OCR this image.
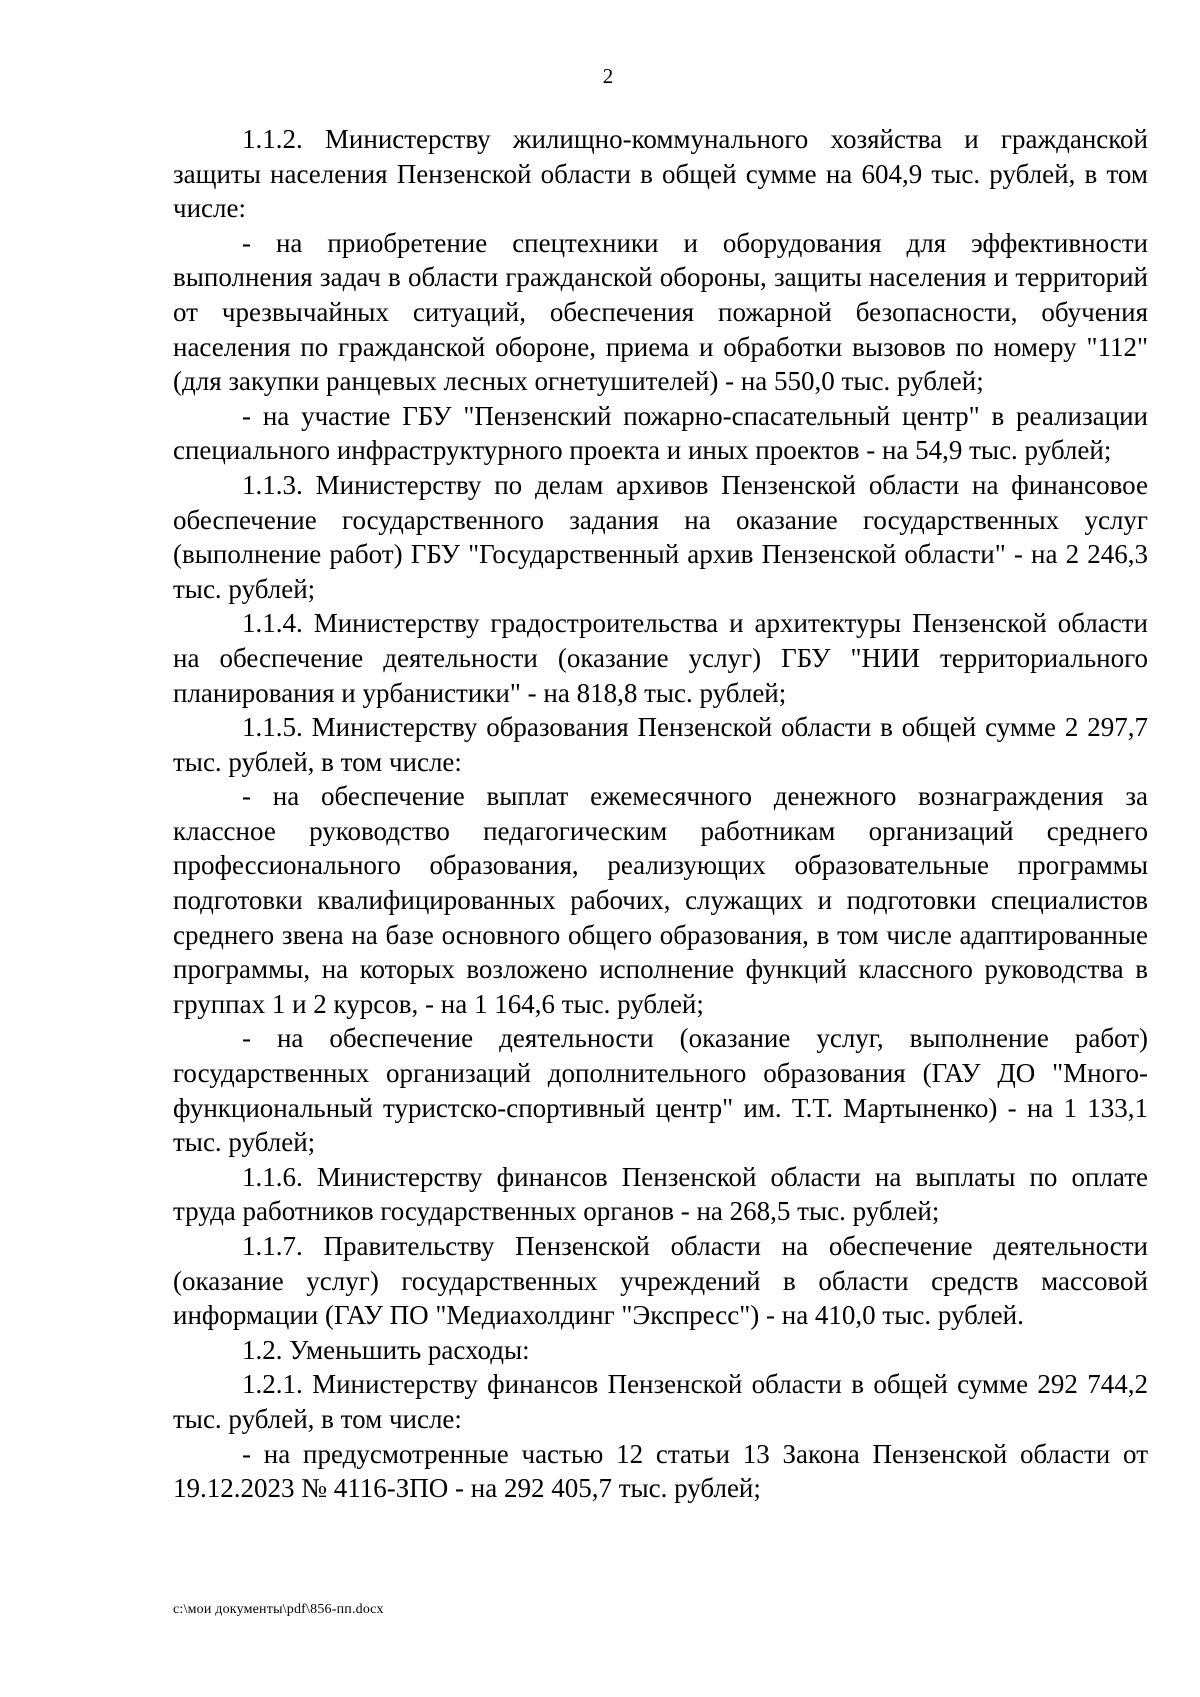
2

1.1.2. Министерству жилищно-коммунального хозяйства и гражданской защиты населения Пензенской области в общей сумме на 604,9 тыс. рублей, в том числе:

- на приобретение спецтехники и оборудования для эффективности выполнения задач в области гражданской обороны, защиты населения и территорий от чрезвычайных ситуаций, обеспечения пожарной безопасности, обучения населения по гражданской обороне, приема и обработки вызовов по номеру "112" (для закупки ранцевых лесных огнетушителей) - на 550,0 тыс. рублей;

- на участие ГБУ "Пензенский пожарно-спасательный центр" в реализации специального инфраструктурного проекта и иных проектов - на 54,9 тыс. рублей;

1.1.3. Министерству по делам архивов Пензенской области на финансовое обеспечение государственного задания на оказание государственных услуг (выполнение работ) ГБУ "Государственный архив Пензенской области" - на 2 246,3 тыс. рублей;

1.1.4. Министерству градостроительства и архитектуры Пензенской области на обеспечение деятельности (оказание услуг) ГБУ "НИИ территориального планирования и урбанистики" - на 818,8 тыс. рублей;

1.1.5. Министерству образования Пензенской области в общей сумме 2 297,7 тыс. рублей, в том числе:

- на обеспечение выплат ежемесячного денежного вознаграждения за классное руководство педагогическим работникам организаций среднего профессионального образования, реализующих образовательные программы подготовки квалифицированных рабочих, служащих и подготовки специалистов среднего звена на базе основного общего образования, в том числе адаптированные программы, на которых возложено исполнение функций классного руководства в группах 1 и 2 курсов, - на 1 164,6 тыс. рублей;

- на обеспечение деятельности (оказание услуг, выполнение работ) государственных организаций дополнительного образования (ГАУ ДО "Много-функциональный туристско-спортивный центр" им. Т.Т. Мартыненко) - на 1 133,1 тыс. рублей;

1.1.6. Министерству финансов Пензенской области на выплаты по оплате труда работников государственных органов - на 268,5 тыс. рублей;

1.1.7. Правительству Пензенской области на обеспечение деятельности (оказание услуг) государственных учреждений в области средств массовой информации (ГАУ ПО "Медиахолдинг "Экспресс") - на 410,0 тыс. рублей.

1.2. Уменьшить расходы:

1.2.1. Министерству финансов Пензенской области в общей сумме 292 744,2 тыс. рублей, в том числе:

- на предусмотренные частью 12 статьи 13 Закона Пензенской области от 19.12.2023 № 4116-ЗПО - на 292 405,7 тыс. рублей;

c:\мои документы\pdf\856-пп.docx
